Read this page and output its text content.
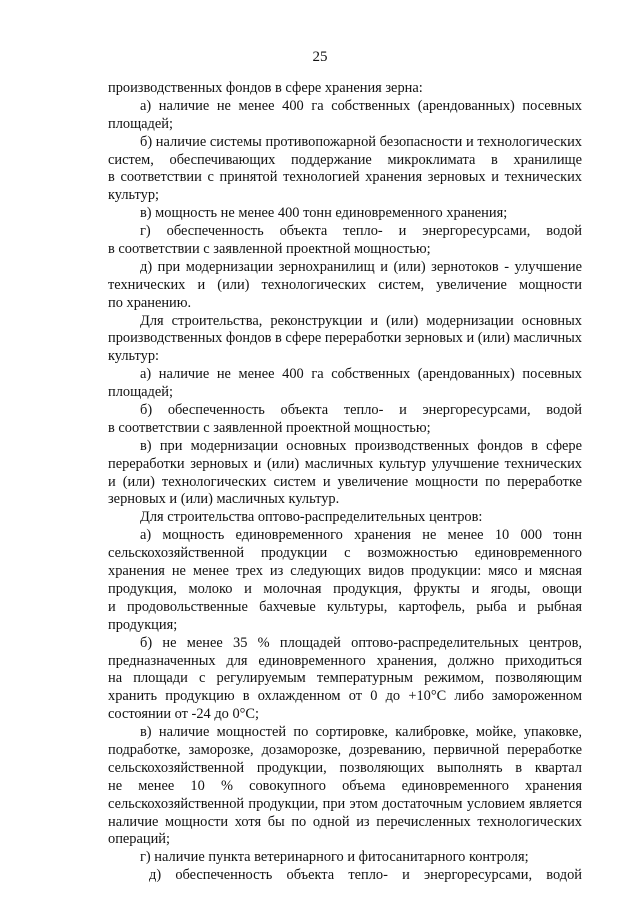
25
производственных фондов в сфере хранения зерна:
а) наличие не менее 400 га собственных (арендованных) посевных
площадей;
б) наличие системы противопожарной безопасности и технологических
систем, обеспечивающих поддержание микроклимата в хранилище
в соответствии с принятой технологией хранения зерновых и технических
культур;
в) мощность не менее 400 тонн единовременного хранения;
г) обеспеченность объекта тепло- и энергоресурсами, водой
в соответствии с заявленной проектной мощностью;
д) при модернизации зернохранилищ и (или) зернотоков - улучшение
технических и (или) технологических систем, увеличение мощности
по хранению.
Для строительства, реконструкции и (или) модернизации основных
производственных фондов в сфере переработки зерновых и (или) масличных
культур:
а) наличие не менее 400 га собственных (арендованных) посевных
площадей;
б) обеспеченность объекта тепло- и энергоресурсами, водой
в соответствии с заявленной проектной мощностью;
в) при модернизации основных производственных фондов в сфере
переработки зерновых и (или) масличных культур улучшение технических
и (или) технологических систем и увеличение мощности по переработке
зерновых и (или) масличных культур.
Для строительства оптово-распределительных центров:
а) мощность единовременного хранения не менее 10 000 тонн
сельскохозяйственной продукции с возможностью единовременного
хранения не менее трех из следующих видов продукции: мясо и мясная
продукция, молоко и молочная продукция, фрукты и ягоды, овощи
и продовольственные бахчевые культуры, картофель, рыба и рыбная
продукция;
б) не менее 35 % площадей оптово-распределительных центров,
предназначенных для единовременного хранения, должно приходиться
на площади с регулируемым температурным режимом, позволяющим
хранить продукцию в охлажденном от 0 до +10°С либо замороженном
состоянии от -24 до 0°С;
в) наличие мощностей по сортировке, калибровке, мойке, упаковке,
подработке, заморозке, дозаморозке, дозреванию, первичной переработке
сельскохозяйственной продукции, позволяющих выполнять в квартал
не менее 10 % совокупного объема единовременного хранения
сельскохозяйственной продукции, при этом достаточным условием является
наличие мощности хотя бы по одной из перечисленных технологических
операций;
г) наличие пункта ветеринарного и фитосанитарного контроля;
д) обеспеченность объекта тепло- и энергоресурсами, водой
